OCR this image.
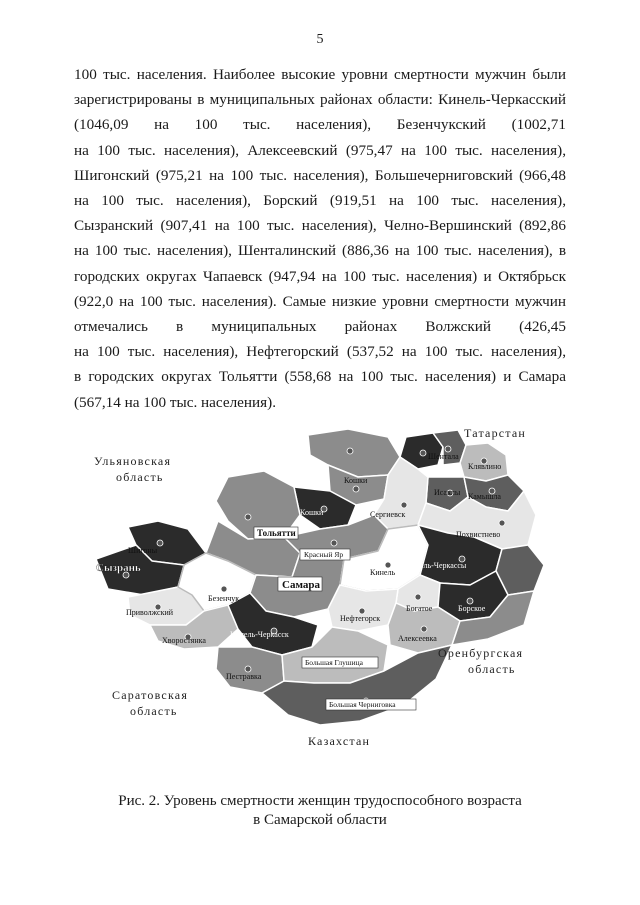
5

100 тыс. населения. Наиболее высокие уровни смертности мужчин были
зарегистрированы в муниципальных районах области: Кинель-Черкасский
(1046,09 на 100 тыс. населения), Безенчукский (1002,71
на 100 тыс. населения), Алексеевский (975,47 на 100 тыс. населения),
Шигонский (975,21 на 100 тыс. населения), Большечерниговский (966,48
на 100 тыс. населения), Борский (919,51 на 100 тыс. населения),
Сызранский (907,41 на 100 тыс. населения), Челно-Вершинский (892,86
на 100 тыс. населения), Шенталинский (886,36 на 100 тыс. населения), в
городских округах Чапаевск (947,94 на 100 тыс. населения) и Октябрьск
(922,0 на 100 тыс. населения). Самые низкие уровни смертности мужчин
отмечались в муниципальных районах Волжский (426,45
на 100 тыс. населения), Нефтегорский (537,52 на 100 тыс. населения),
в городских округах Тольятти (558,68 на 100 тыс. населения) и Самара
(567,14 на 100 тыс. населения).

Шентала
Клявлино
Камышла
Исаклы
Кошки
Сергиевск
Похвистнево
Кошки
Кинель-Черкассы
Кинель
Шигоны
Сызрань
Приволжский
Безенчук
Хворостянка
Богатое	Борское
Кинель-Черкасск
Нефтегорск
Алексеевка
Пестравка
Тольятти
Красный Яр
Самара
Большая Глушица
Большая Черниговка
Татарстан
Ульяновская
область
Оренбургская
область
Саратовская
область
Казахстан
Рис. 2. Уровень смертности женщин трудоспособного возраста
в Самарской области
